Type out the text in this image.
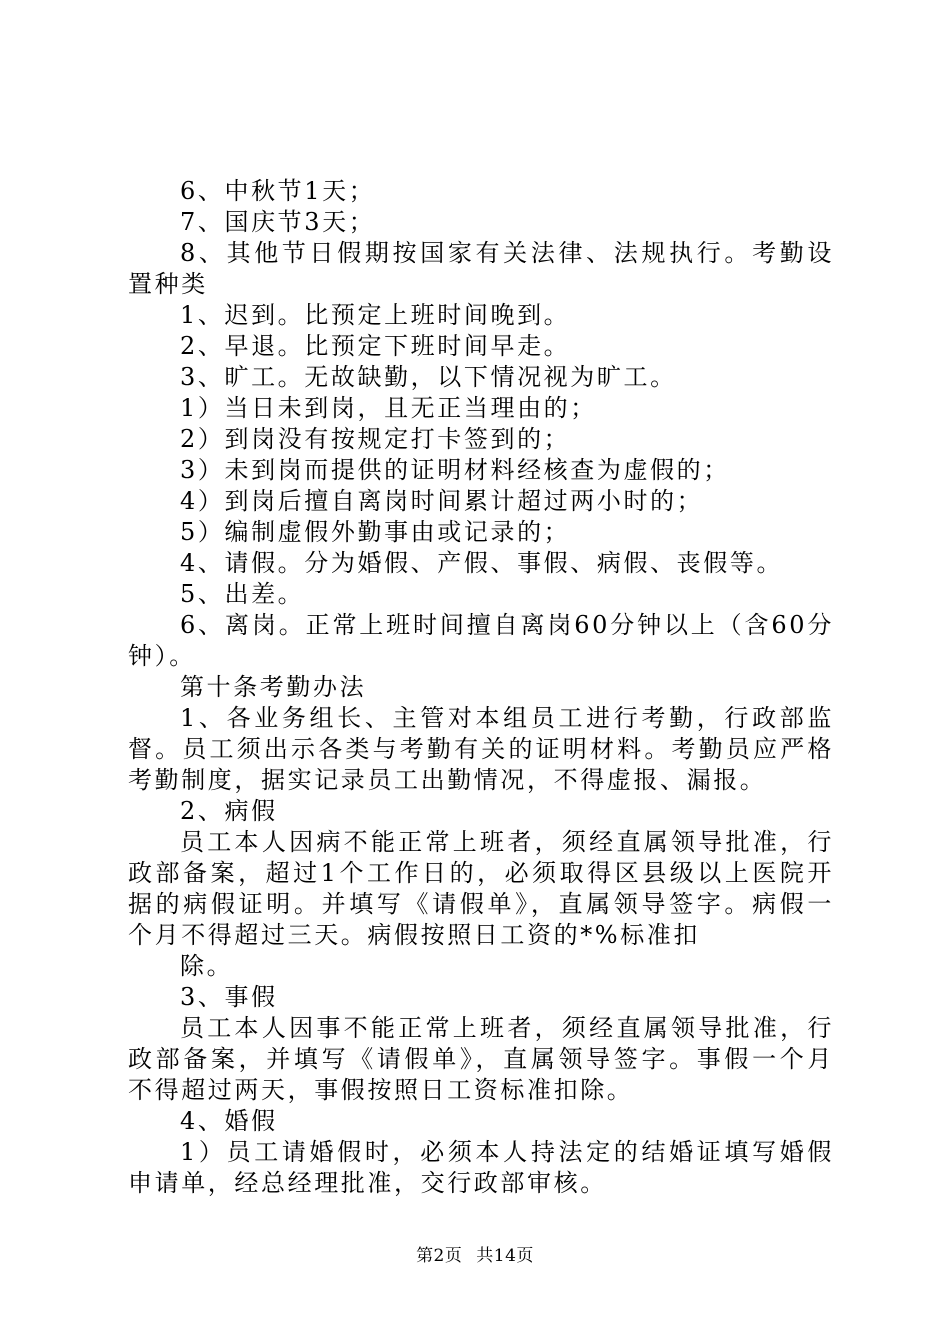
6、中秋节1天；

7、国庆节3天；

8、其他节日假期按国家有关法律、法规执行。考勤设置种类

1、迟到。比预定上班时间晚到。

2、早退。比预定下班时间早走。

3、旷工。无故缺勤，以下情况视为旷工。

1）当日未到岗，且无正当理由的；

2）到岗没有按规定打卡签到的；

3）未到岗而提供的证明材料经核查为虚假的；

4）到岗后擅自离岗时间累计超过两小时的；

5）编制虚假外勤事由或记录的；

4、请假。分为婚假、产假、事假、病假、丧假等。

5、出差。

6、离岗。正常上班时间擅自离岗60分钟以上（含60分钟）。

第十条考勤办法

1、各业务组长、主管对本组员工进行考勤，行政部监督。员工须出示各类与考勤有关的证明材料。考勤员应严格考勤制度，据实记录员工出勤情况，不得虚报、漏报。

2、病假

员工本人因病不能正常上班者，须经直属领导批准，行政部备案，超过1个工作日的，必须取得区县级以上医院开据的病假证明。并填写《请假单》，直属领导签字。病假一个月不得超过三天。病假按照日工资的*%标准扣

除。

3、事假

员工本人因事不能正常上班者，须经直属领导批准，行政部备案，并填写《请假单》，直属领导签字。事假一个月不得超过两天，事假按照日工资标准扣除。

4、婚假

1）员工请婚假时，必须本人持法定的结婚证填写婚假申请单，经总经理批准，交行政部审核。

第2页 共14页
